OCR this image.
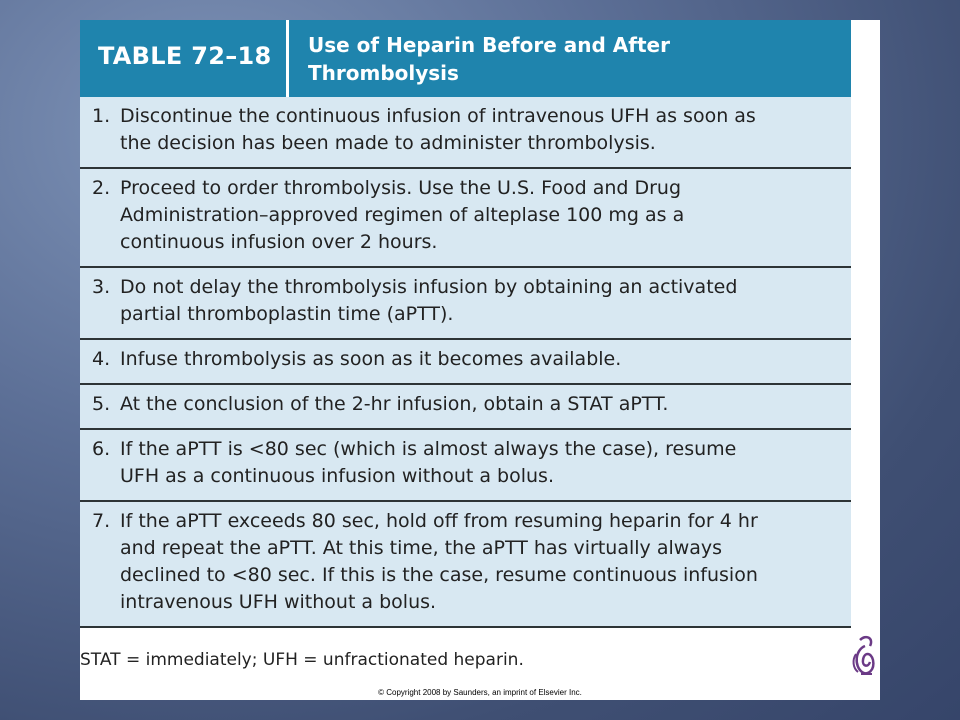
TABLE 72–18 Use of Heparin Before and After
Thrombolysis
1. Discontinue the continuous infusion of intravenous UFH as soon as
the decision has been made to administer thrombolysis.
2. Proceed to order thrombolysis. Use the U.S. Food and Drug
Administration–approved regimen of alteplase 100 mg as a
continuous infusion over 2 hours.
3. Do not delay the thrombolysis infusion by obtaining an activated
partial thromboplastin time (aPTT).
4. Infuse thrombolysis as soon as it becomes available.
5. At the conclusion of the 2-hr infusion, obtain a STAT aPTT.
6. If the aPTT is <80 sec (which is almost always the case), resume
UFH as a continuous infusion without a bolus.
7. If the aPTT exceeds 80 sec, hold off from resuming heparin for 4 hr
and repeat the aPTT. At this time, the aPTT has virtually always
declined to <80 sec. If this is the case, resume continuous infusion
intravenous UFH without a bolus.
STAT = immediately; UFH = unfractionated heparin.
© Copyright 2008 by Saunders, an imprint of Elsevier Inc.
